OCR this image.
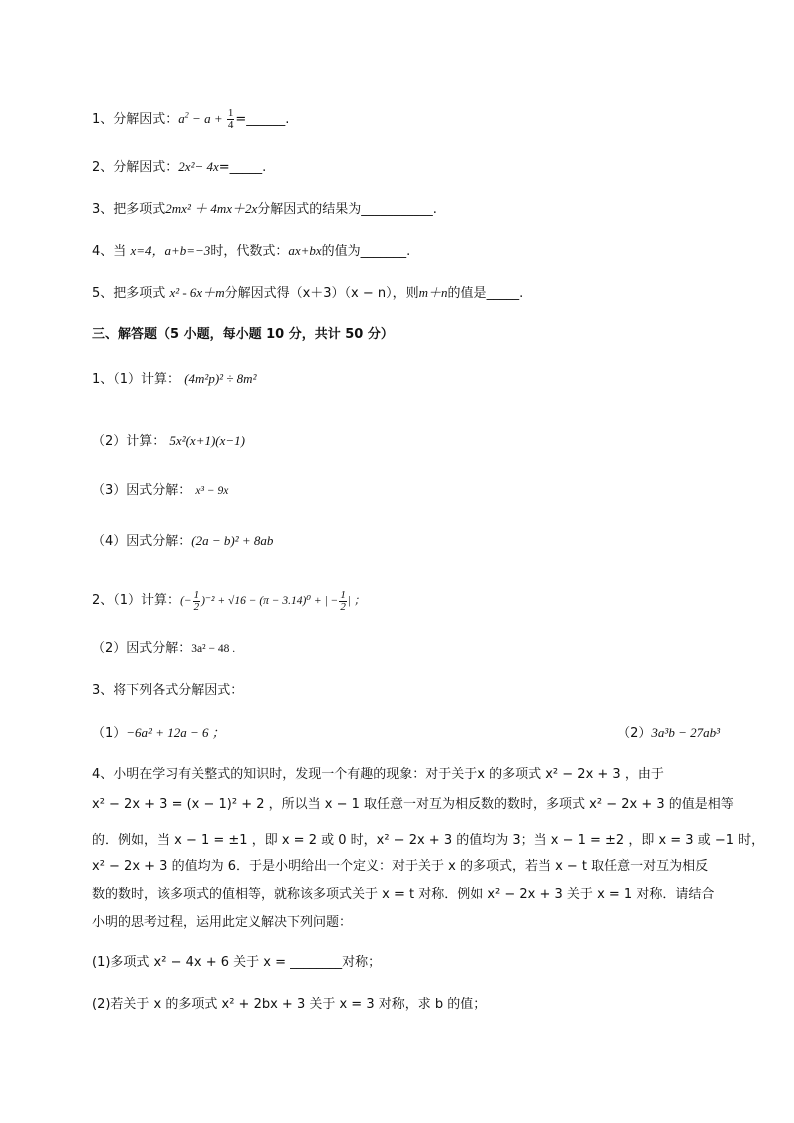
1、分解因式：$a^2 - a + \frac{1}{4}$ =______.
2、分解因式：2x²− 4x=_____.
3、把多项式2mx² ＋ 4mx＋2x分解因式的结果为___________.
4、当 x=4，a+b=−3时，代数式：ax+bx的值为_______.
5、把多项式 x² ‑ 6x＋m分解因式得（x＋3）（x − n），则m＋n的值是_____.
三、解答题（5 小题，每小题 10 分，共计 50 分）
1、（1）计算： (4m²p)² ÷ 8m²
（2）计算： 5x²(x+1)(x−1)
（3）因式分解： x³ − 9x
（4）因式分解：(2a − b)² + 8ab
2、（1）计算：(− $\frac{1}{2} )^{-2} + √16 - (\pi - 3.14)^0$ + | − $\frac{1}{2}$ | ；
（2）因式分解：3a² − 48 .
3、将下列各式分解因式：
（1）−6a² + 12a − 6 ；	（2）3a³b − 27ab³
4、小明在学习有关整式的知识时，发现一个有趣的现象：对于关于x 的多项式 x² − 2x + 3 ，由于
x² − 2x + 3 = (x − 1)² + 2 ，所以当 x − 1 取任意一对互为相反数的数时，多项式 x² − 2x + 3 的值是相等
的．例如，当 x − 1 = ±1 ，即 x = 2 或 0 时，x² − 2x + 3 的值均为 3；当 x − 1 = ±2 ，即 x = 3 或 −1 时，
x² − 2x + 3 的值均为 6．于是小明给出一个定义：对于关于 x 的多项式，若当 x − t 取任意一对互为相反
数的数时，该多项式的值相等，就称该多项式关于 x = t 对称．例如 x² − 2x + 3 关于 x = 1 对称．请结合
小明的思考过程，运用此定义解决下列问题：
(1)多项式 x² − 4x + 6 关于 x = ________对称；
(2)若关于 x 的多项式 x² + 2bx + 3 关于 x = 3 对称，求 b 的值；
